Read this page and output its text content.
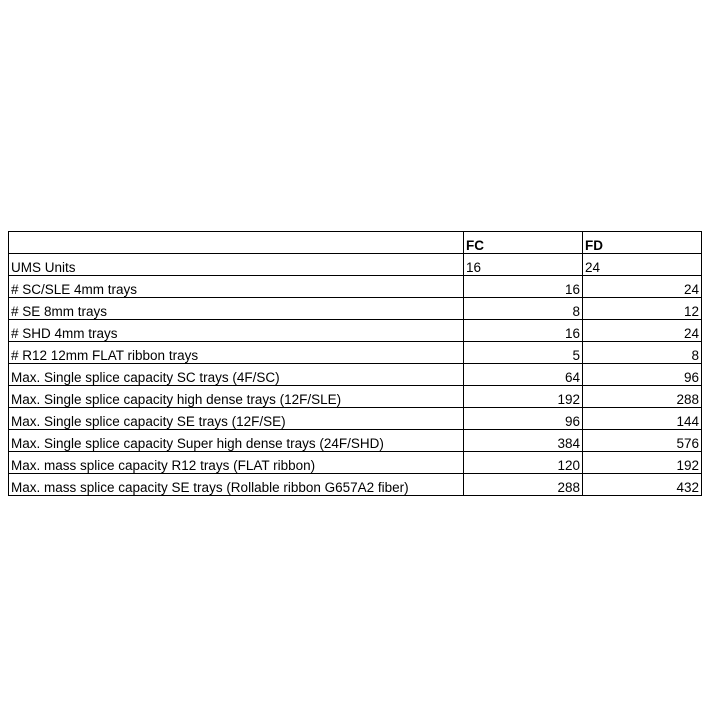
	FC	FD
UMS Units	16	24
# SC/SLE 4mm trays	16	24
# SE 8mm trays	8	12
# SHD 4mm trays	16	24
# R12 12mm FLAT ribbon trays	5	8
Max. Single splice capacity SC trays (4F/SC)	64	96
Max. Single splice capacity high dense trays (12F/SLE)	192	288
Max. Single splice capacity SE trays (12F/SE)	96	144
Max. Single splice capacity Super high dense trays (24F/SHD)	384	576
Max. mass splice capacity R12 trays (FLAT ribbon)	120	192
Max. mass splice capacity SE trays (Rollable ribbon G657A2 fiber)	288	432
